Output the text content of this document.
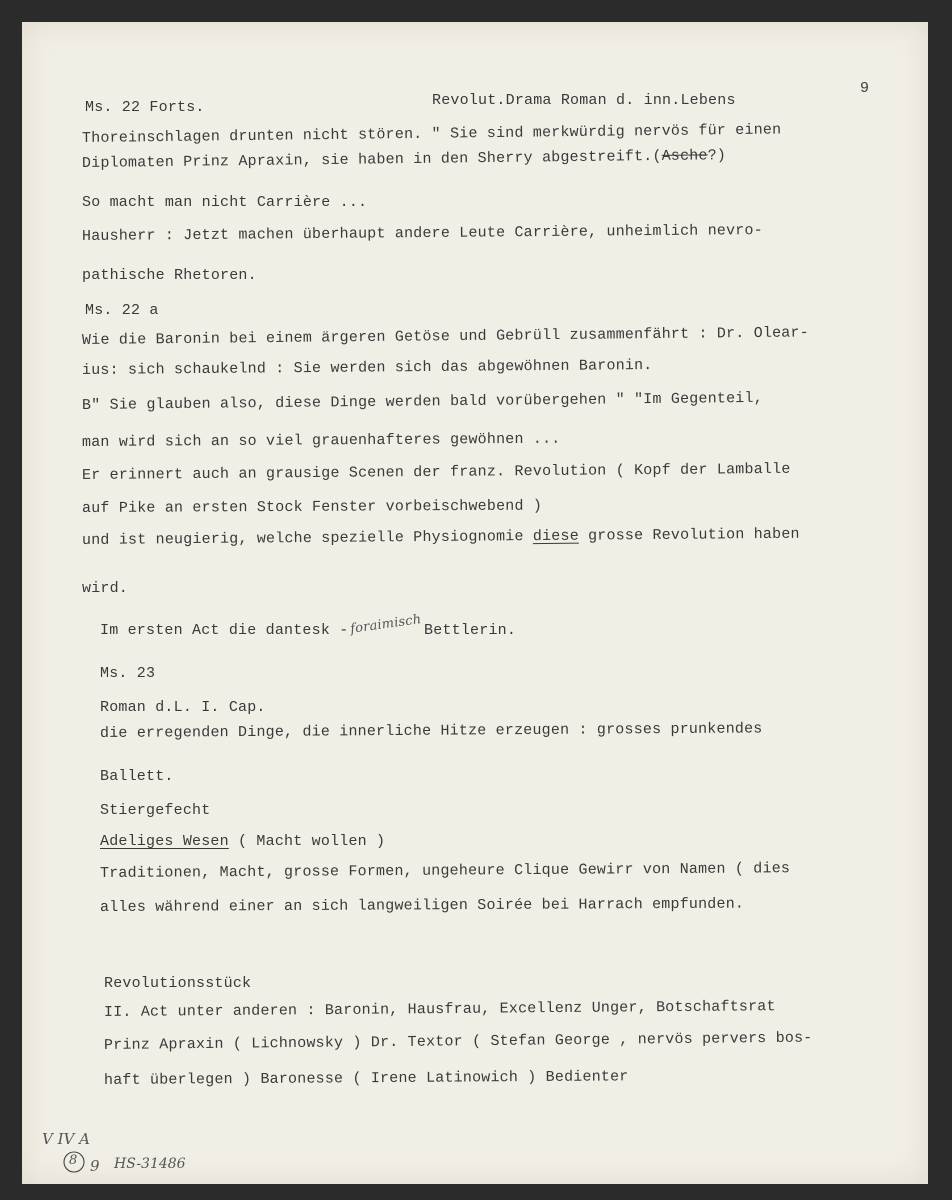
Ms. 22 Forts.	Revolut.Drama Roman d. inn.Lebens
9
Thoreinschlagen drunten nicht stören. " Sie sind merkwürdig nervös für einen
Diplomaten Prinz Apraxin, sie haben in den Sherry abgestreift.(Asche?)
So macht man nicht Carrière ...
Hausherr : Jetzt machen überhaupt andere Leute Carrière, unheimlich nevro-
pathische Rhetoren.
Ms. 22 a
Wie die Baronin bei einem ärgeren Getöse und Gebrüll zusammenfährt : Dr. Olear-
ius: sich schaukelnd : Sie werden sich das abgewöhnen Baronin.
B" Sie glauben also, diese Dinge werden bald vorübergehen " "Im Gegenteil,
man wird sich an so viel grauenhafteres gewöhnen ...
Er erinnert auch an grausige Scenen der franz. Revolution ( Kopf der Lamballe
auf Pike an ersten Stock Fenster vorbeischwebend )
und ist neugierig, welche spezielle Physiognomie diese grosse Revolution haben
wird.
Im ersten Act die dantesk -foraimischBettlerin.
Ms. 23
Roman d.L. I. Cap.
die erregenden Dinge, die innerliche Hitze erzeugen : grosses prunkendes
Ballett.
Stiergefecht
Adeliges Wesen ( Macht wollen )
Traditionen, Macht, grosse Formen, ungeheure Clique Gewirr von Namen ( dies
alles während einer an sich langweiligen Soirée bei Harrach empfunden.
Revolutionsstück
II. Act unter anderen : Baronin, Hausfrau, Excellenz Unger, Botschaftsrat
Prinz Apraxin ( Lichnowsky ) Dr. Textor ( Stefan George , nervös pervers bos-
haft überlegen ) Baronesse ( Irene Latinowich ) Bedienter
V IV A
8 9 HS-31486
